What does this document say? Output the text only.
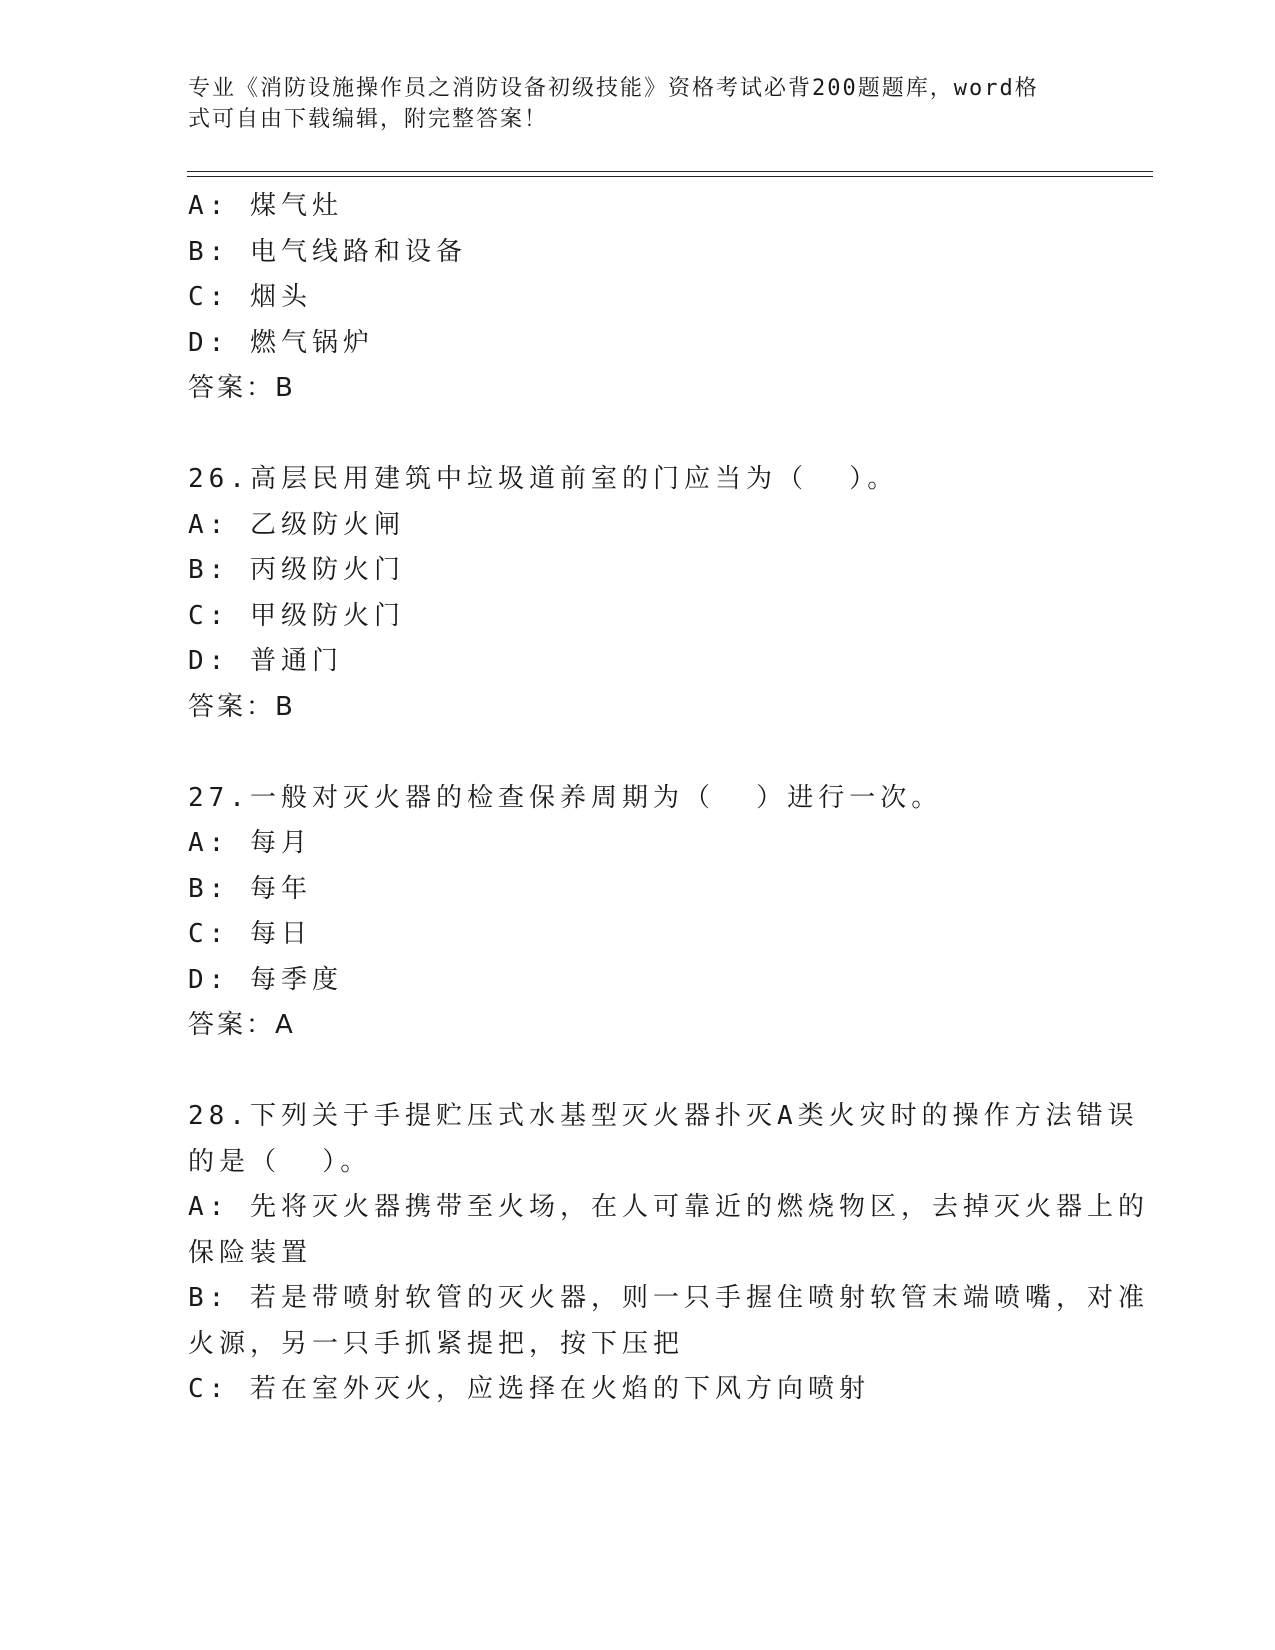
专业《消防设施操作员之消防设备初级技能》资格考试必背200题题库，word格
式可自由下载编辑，附完整答案！
A: 煤气灶
B: 电气线路和设备
C: 烟头
D: 燃气锅炉
答案：B
26.高层民用建筑中垃圾道前室的门应当为（  ）。
A: 乙级防火闸
B: 丙级防火门
C: 甲级防火门
D: 普通门
答案：B
27.一般对灭火器的检查保养周期为（  ）进行一次。
A: 每月
B: 每年
C: 每日
D: 每季度
答案：A
28.下列关于手提贮压式水基型灭火器扑灭A类火灾时的操作方法错误
的是（  ）。
A: 先将灭火器携带至火场，在人可靠近的燃烧物区，去掉灭火器上的
保险装置
B: 若是带喷射软管的灭火器，则一只手握住喷射软管末端喷嘴，对准
火源，另一只手抓紧提把，按下压把
C: 若在室外灭火，应选择在火焰的下风方向喷射
